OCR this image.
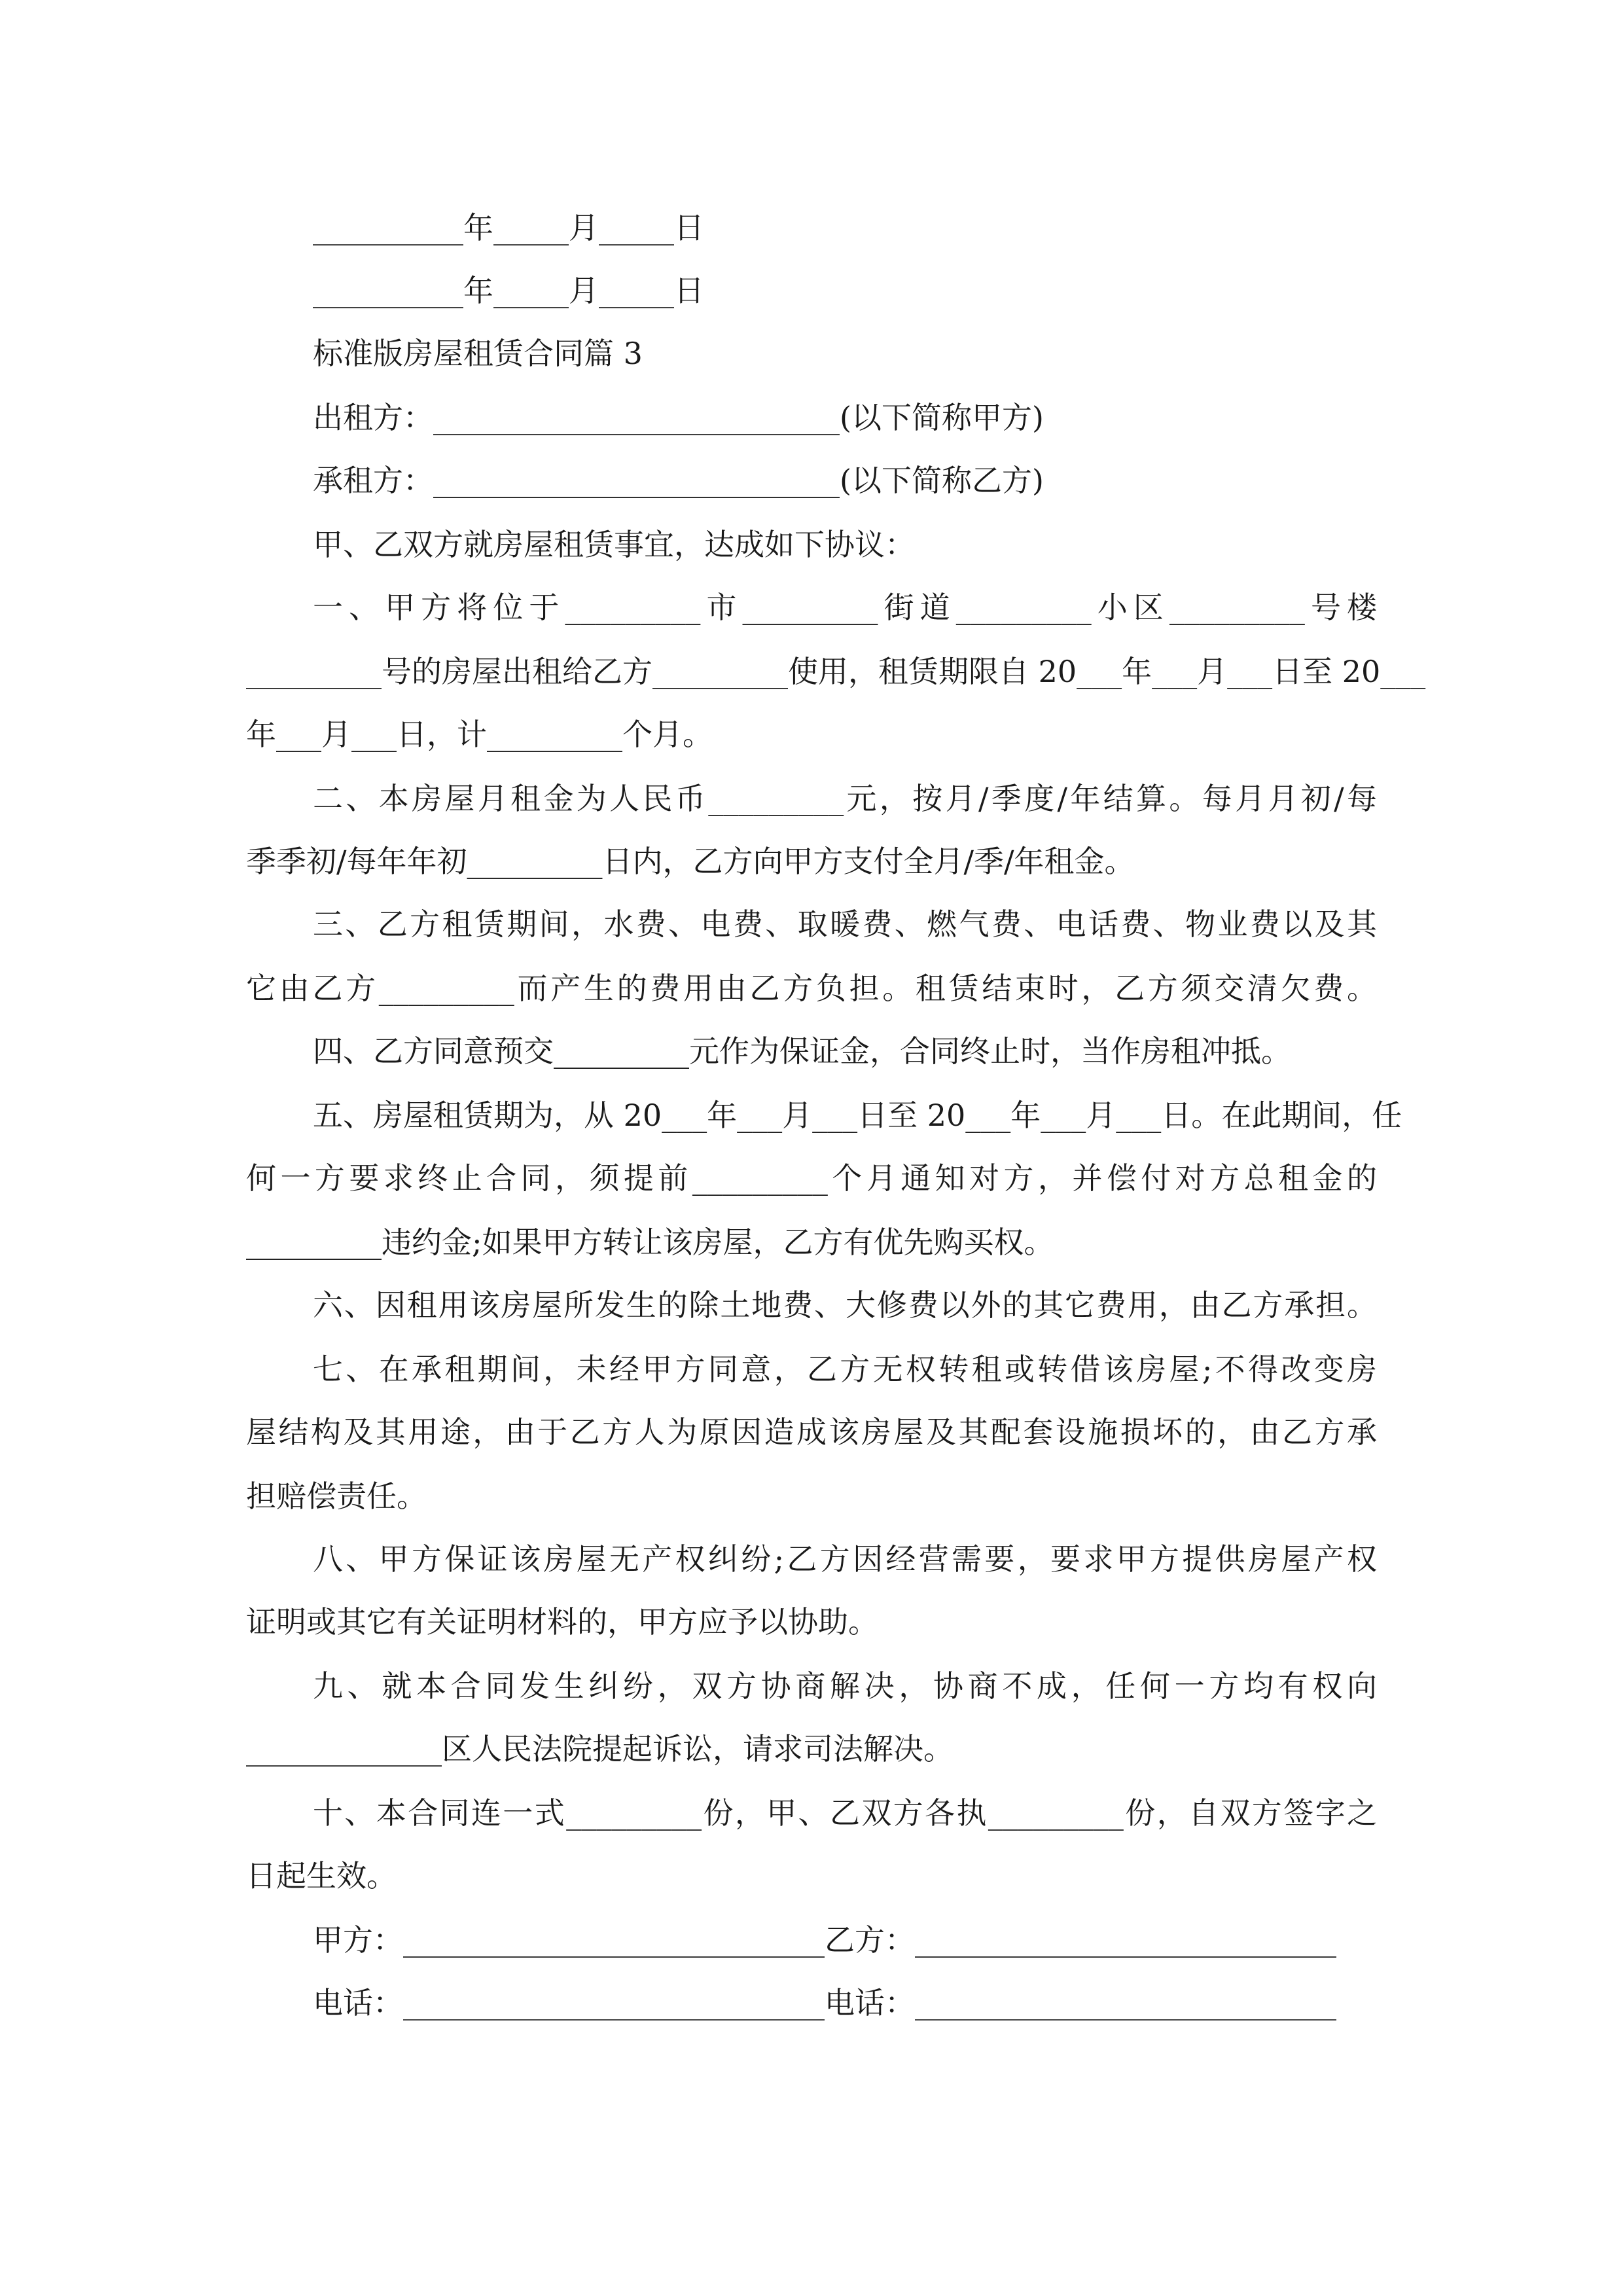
__________年_____月_____日
__________年_____月_____日
标准版房屋租赁合同篇 3
出租方：___________________________(以下简称甲方)
承租方：___________________________(以下简称乙方)
甲、乙双方就房屋租赁事宜，达成如下协议：
一、甲方将位于_________市_________街道_________小区_________号楼
_________号的房屋出租给乙方_________使用，租赁期限自 20___年___月___日至 20___
年___月___日，计_________个月。
二、本房屋月租金为人民币_________元，按月/季度/年结算。每月月初/每
季季初/每年年初_________日内，乙方向甲方支付全月/季/年租金。
三、乙方租赁期间，水费、电费、取暖费、燃气费、电话费、物业费以及其
它由乙方_________而产生的费用由乙方负担。租赁结束时，乙方须交清欠费。
四、乙方同意预交_________元作为保证金，合同终止时，当作房租冲抵。
五、房屋租赁期为，从 20___年___月___日至 20___年___月___日。在此期间，任
何一方要求终止合同，须提前_________个月通知对方，并偿付对方总租金的
_________违约金;如果甲方转让该房屋，乙方有优先购买权。
六、因租用该房屋所发生的除土地费、大修费以外的其它费用，由乙方承担。
七、在承租期间，未经甲方同意，乙方无权转租或转借该房屋;不得改变房
屋结构及其用途，由于乙方人为原因造成该房屋及其配套设施损坏的，由乙方承
担赔偿责任。
八、甲方保证该房屋无产权纠纷;乙方因经营需要，要求甲方提供房屋产权
证明或其它有关证明材料的，甲方应予以协助。
九、就本合同发生纠纷，双方协商解决，协商不成，任何一方均有权向
_____________区人民法院提起诉讼，请求司法解决。
十、本合同连一式_________份，甲、乙双方各执_________份，自双方签字之
日起生效。
甲方：____________________________乙方：____________________________
电话：____________________________电话：____________________________
